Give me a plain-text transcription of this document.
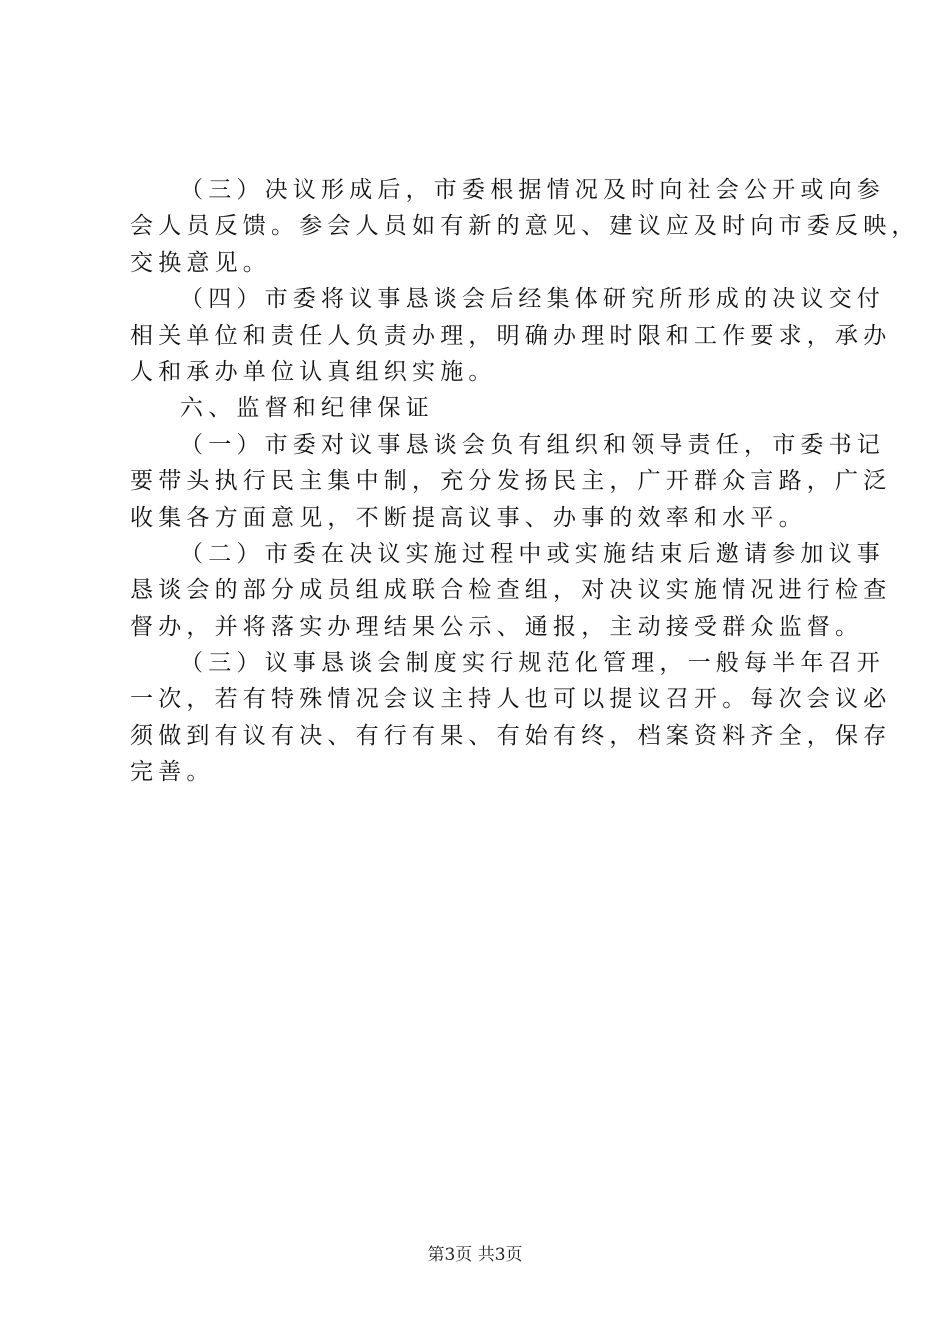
（三）决议形成后，市委根据情况及时向社会公开或向参
会人员反馈。参会人员如有新的意见、建议应及时向市委反映，
交换意见。
（四）市委将议事恳谈会后经集体研究所形成的决议交付
相关单位和责任人负责办理，明确办理时限和工作要求，承办
人和承办单位认真组织实施。
六、监督和纪律保证
（一）市委对议事恳谈会负有组织和领导责任，市委书记
要带头执行民主集中制，充分发扬民主，广开群众言路，广泛
收集各方面意见，不断提高议事、办事的效率和水平。
（二）市委在决议实施过程中或实施结束后邀请参加议事
恳谈会的部分成员组成联合检查组，对决议实施情况进行检查
督办，并将落实办理结果公示、通报，主动接受群众监督。
（三）议事恳谈会制度实行规范化管理，一般每半年召开
一次，若有特殊情况会议主持人也可以提议召开。每次会议必
须做到有议有决、有行有果、有始有终，档案资料齐全，保存
完善。
第3页 共3页
